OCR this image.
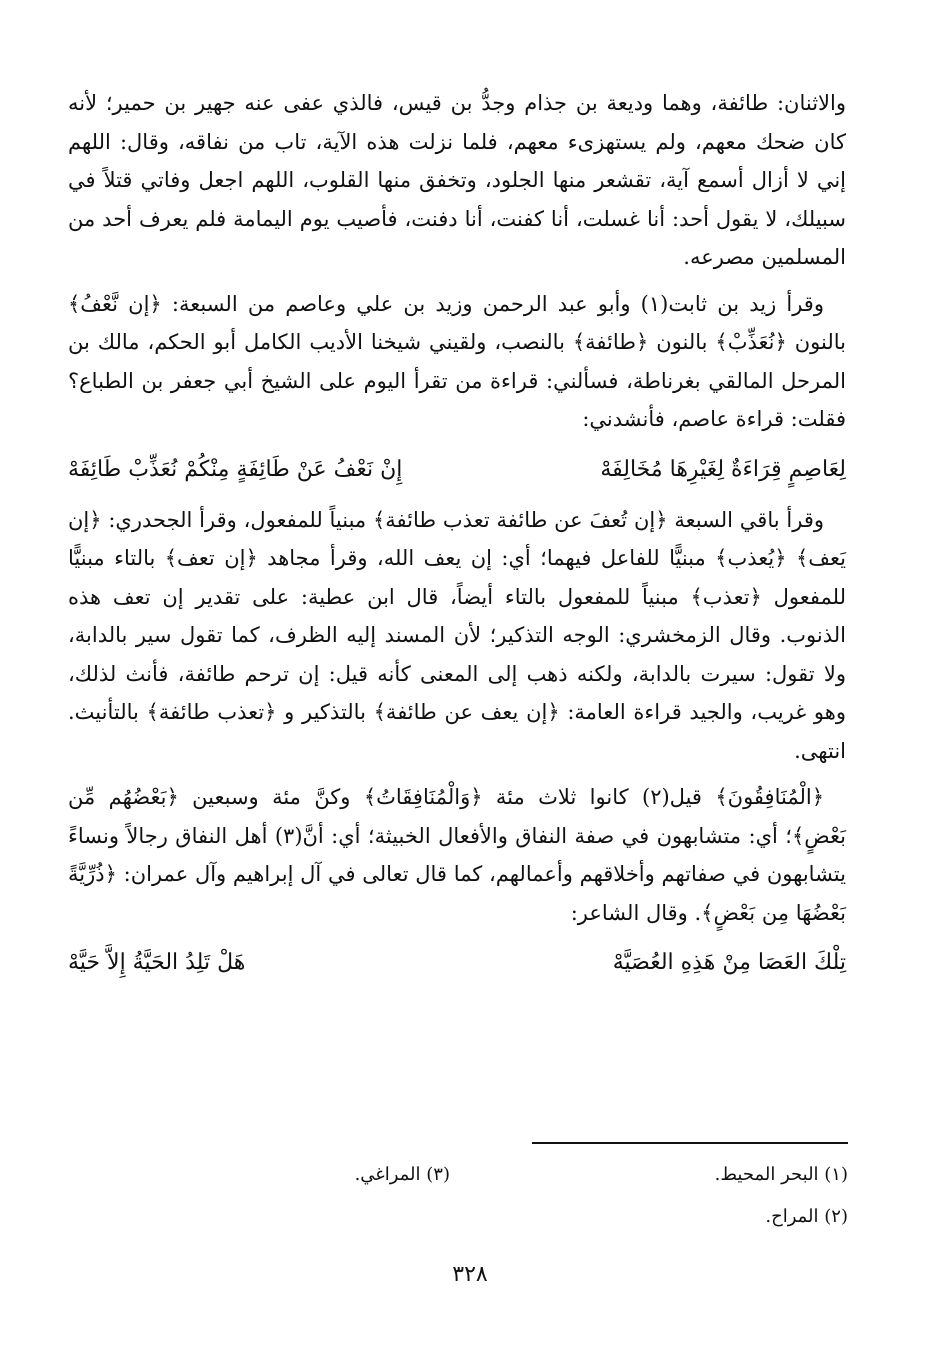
والاثنان: طائفة، وهما وديعة بن جذام وجدُّ بن قيس، فالذي عفى عنه جهير بن حمير؛ لأنه كان ضحك معهم، ولم يستهزىء معهم، فلما نزلت هذه الآية، تاب من نفاقه، وقال: اللهم إني لا أزال أسمع آية، تقشعر منها الجلود، وتخفق منها القلوب، اللهم اجعل وفاتي قتلاً في سبيلك، لا يقول أحد: أنا غسلت، أنا كفنت، أنا دفنت، فأصيب يوم اليمامة فلم يعرف أحد من المسلمين مصرعه.

وقرأ زيد بن ثابت(١) وأبو عبد الرحمن وزيد بن علي وعاصم من السبعة: ﴿إن نَّعْفُ﴾ بالنون ﴿نُعَذِّبْ﴾ بالنون ﴿طائفة﴾ بالنصب، ولقيني شيخنا الأديب الكامل أبو الحكم، مالك بن المرحل المالقي بغرناطة، فسألني: قراءة من تقرأ اليوم على الشيخ أبي جعفر بن الطباع؟ فقلت: قراءة عاصم، فأنشدني:

لِعَاصِمٍ قِرَاءَةٌ لِغَيْرِهَا مُخَالِفَهْ
إِنْ نَعْفُ عَنْ طَائِفَةٍ مِنْكُمْ نُعَذِّبْ طَائِفَهْ

وقرأ باقي السبعة ﴿إن تُعفَ عن طائفة تعذب طائفة﴾ مبنياً للمفعول، وقرأ الجحدري: ﴿إن يَعف﴾ ﴿يُعذب﴾ مبنيًّا للفاعل فيهما؛ أي: إن يعف الله، وقرأ مجاهد ﴿إن تعف﴾ بالتاء مبنيًّا للمفعول ﴿تعذب﴾ مبنياً للمفعول بالتاء أيضاً، قال ابن عطية: على تقدير إن تعف هذه الذنوب. وقال الزمخشري: الوجه التذكير؛ لأن المسند إليه الظرف، كما تقول سير بالدابة، ولا تقول: سيرت بالدابة، ولكنه ذهب إلى المعنى كأنه قيل: إن ترحم طائفة، فأنث لذلك، وهو غريب، والجيد قراءة العامة: ﴿إن يعف عن طائفة﴾ بالتذكير و ﴿تعذب طائفة﴾ بالتأنيث. انتهى.

﴿الْمُنَافِقُونَ﴾ قيل(٢) كانوا ثلاث مئة ﴿وَالْمُنَافِقَاتُ﴾ وكنَّ مئة وسبعين ﴿بَعْضُهُم مِّن بَعْضٍ﴾؛ أي: متشابهون في صفة النفاق والأفعال الخبيثة؛ أي: أنَّ(٣) أهل النفاق رجالاً ونساءً يتشابهون في صفاتهم وأخلاقهم وأعمالهم، كما قال تعالى في آل إبراهيم وآل عمران: ﴿ذُرِّيَّةً بَعْضُهَا مِن بَعْضٍ﴾. وقال الشاعر:

تِلْكَ العَصَا مِنْ هَذِهِ العُصَيَّهْ
هَلْ تَلِدُ الحَيَّةُ إِلاَّ حَيَّهْ
(١) البحر المحيط.
(٣) المراغي.
(٢) المراح.
٣٢٨
